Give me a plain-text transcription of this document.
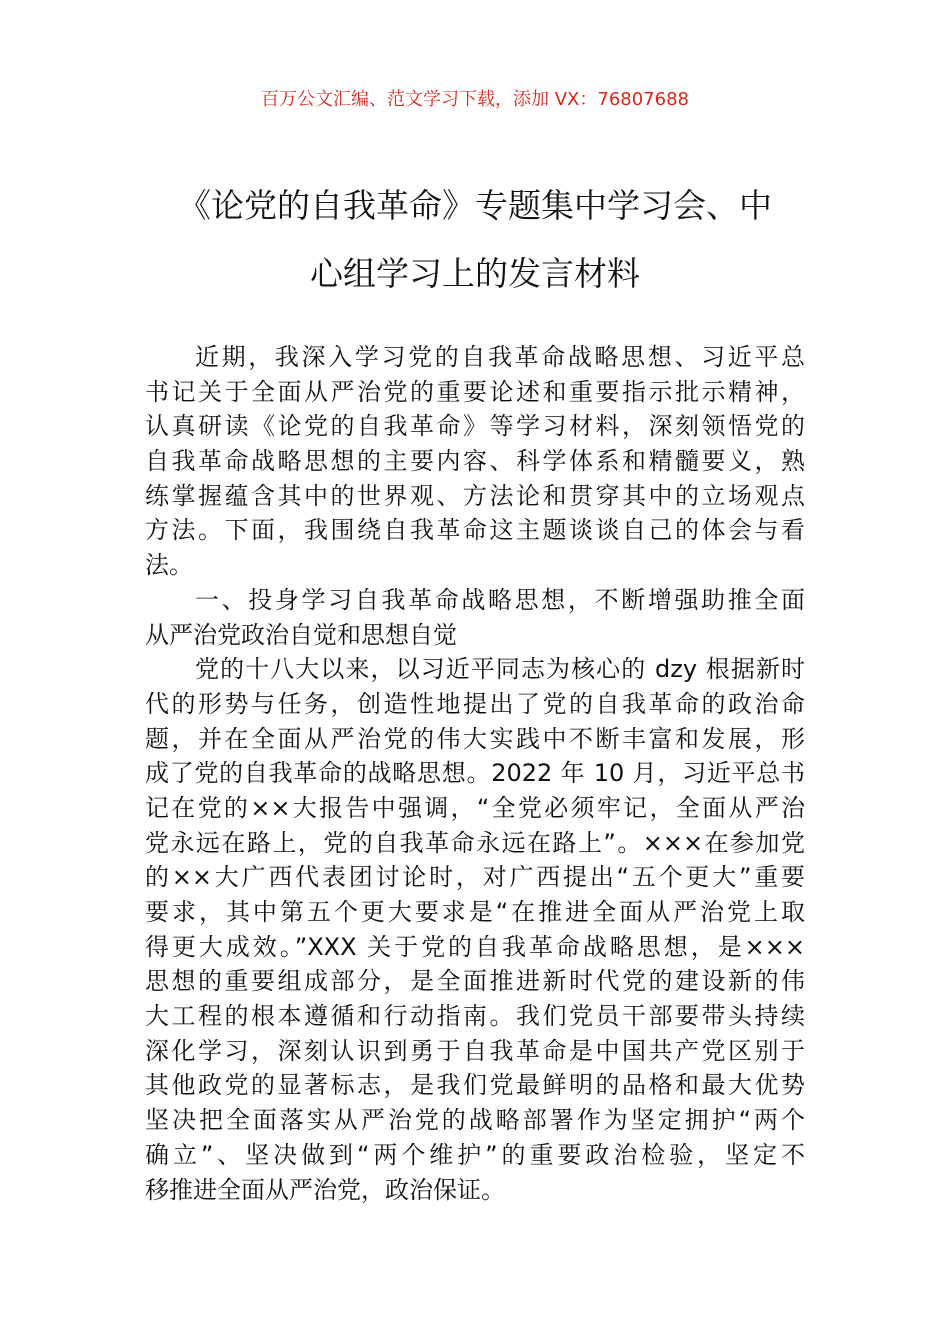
百万公文汇编、范文学习下载，添加 VX：76807688
《论党的自我革命》专题集中学习会、中
心组学习上的发言材料
近期，我深入学习党的自我革命战略思想、习近平总
书记关于全面从严治党的重要论述和重要指示批示精神，
认真研读《论党的自我革命》等学习材料，深刻领悟党的
自我革命战略思想的主要内容、科学体系和精髓要义，熟
练掌握蕴含其中的世界观、方法论和贯穿其中的立场观点
方法。下面，我围绕自我革命这主题谈谈自己的体会与看
法。
一、投身学习自我革命战略思想，不断增强助推全面
从严治党政治自觉和思想自觉
党的十八大以来，以习近平同志为核心的 dzy 根据新时
代的形势与任务，创造性地提出了党的自我革命的政治命
题，并在全面从严治党的伟大实践中不断丰富和发展，形
成了党的自我革命的战略思想。2022 年 10 月，习近平总书
记在党的××大报告中强调，“全党必须牢记，全面从严治
党永远在路上，党的自我革命永远在路上”。×××在参加党
的××大广西代表团讨论时，对广西提出“五个更大”重要
要求，其中第五个更大要求是“在推进全面从严治党上取
得更大成效。”XXX 关于党的自我革命战略思想，是×××
思想的重要组成部分，是全面推进新时代党的建设新的伟
大工程的根本遵循和行动指南。我们党员干部要带头持续
深化学习，深刻认识到勇于自我革命是中国共产党区别于
其他政党的显著标志，是我们党最鲜明的品格和最大优势
坚决把全面落实从严治党的战略部署作为坚定拥护“两个
确立”、坚决做到“两个维护”的重要政治检验，坚定不
移推进全面从严治党，政治保证。
